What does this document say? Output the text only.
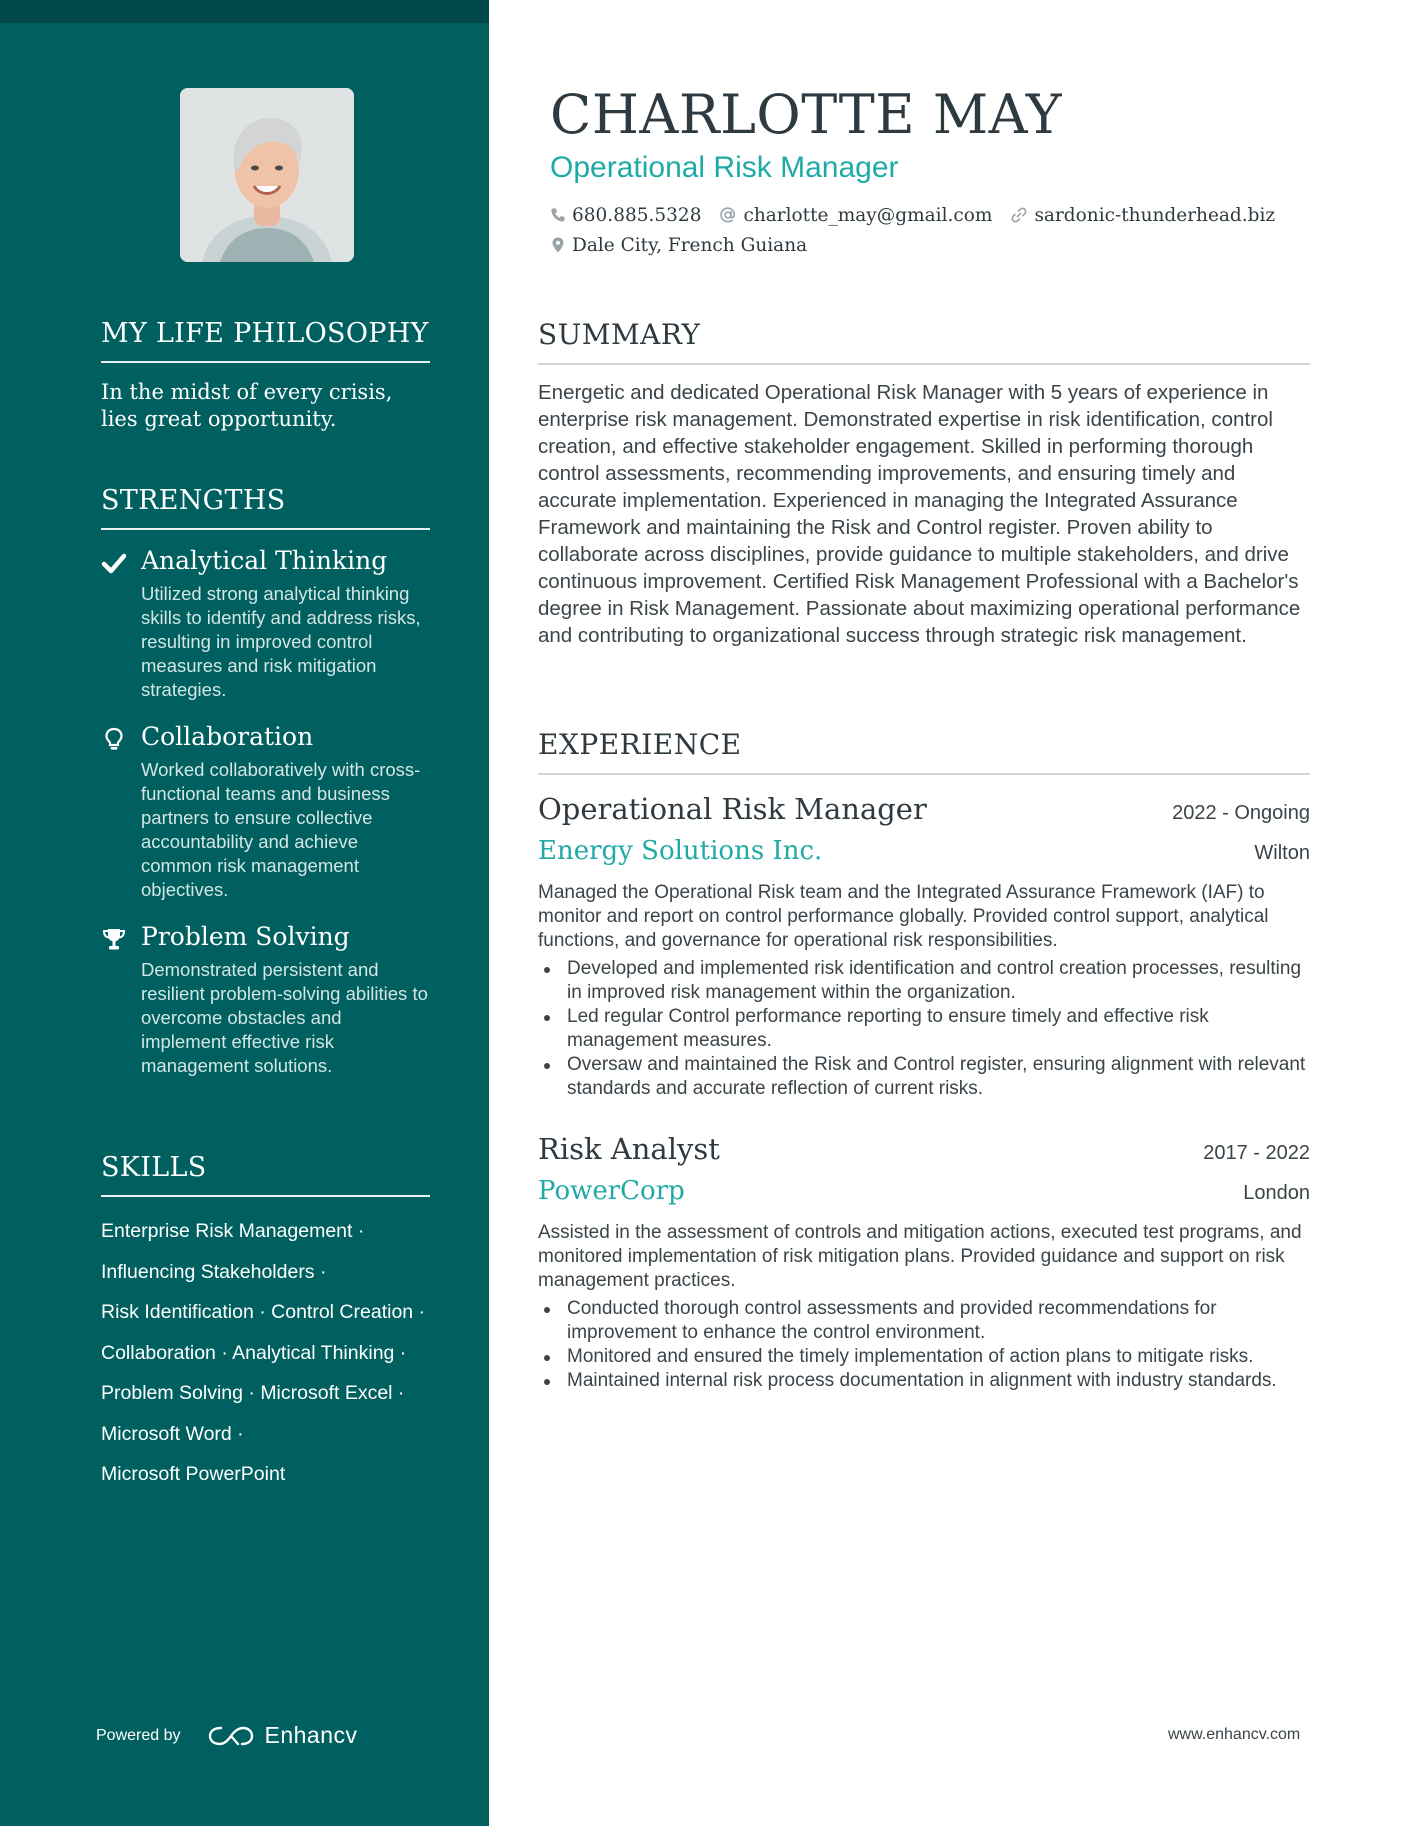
MY LIFE PHILOSOPHY
In the midst of every crisis, lies great opportunity.
STRENGTHS
Analytical Thinking
Utilized strong analytical thinking skills to identify and address risks, resulting in improved control measures and risk mitigation strategies.
Collaboration
Worked collaboratively with cross-functional teams and business partners to ensure collective accountability and achieve common risk management objectives.
Problem Solving
Demonstrated persistent and resilient problem-solving abilities to overcome obstacles and implement effective risk management solutions.
SKILLS
Enterprise Risk Management ·
Influencing Stakeholders ·
Risk Identification · Control Creation ·
Collaboration · Analytical Thinking ·
Problem Solving · Microsoft Excel ·
Microsoft Word ·
Microsoft PowerPoint
Powered by	Enhancv
CHARLOTTE MAY
Operational Risk Manager
680.885.5328 charlotte_may@gmail.com sardonic-thunderhead.biz
Dale City, French Guiana
SUMMARY
Energetic and dedicated Operational Risk Manager with 5 years of experience in enterprise risk management. Demonstrated expertise in risk identification, control creation, and effective stakeholder engagement. Skilled in performing thorough control assessments, recommending improvements, and ensuring timely and accurate implementation. Experienced in managing the Integrated Assurance Framework and maintaining the Risk and Control register. Proven ability to collaborate across disciplines, provide guidance to multiple stakeholders, and drive continuous improvement. Certified Risk Management Professional with a Bachelor's degree in Risk Management. Passionate about maximizing operational performance and contributing to organizational success through strategic risk management.
EXPERIENCE
Operational Risk Manager	2022 - Ongoing
Energy Solutions Inc.	Wilton
Managed the Operational Risk team and the Integrated Assurance Framework (IAF) to monitor and report on control performance globally. Provided control support, analytical functions, and governance for operational risk responsibilities.
Developed and implemented risk identification and control creation processes, resulting in improved risk management within the organization.
Led regular Control performance reporting to ensure timely and effective risk management measures.
Oversaw and maintained the Risk and Control register, ensuring alignment with relevant standards and accurate reflection of current risks.
Risk Analyst	2017 - 2022
PowerCorp	London
Assisted in the assessment of controls and mitigation actions, executed test programs, and monitored implementation of risk mitigation plans. Provided guidance and support on risk management practices.
Conducted thorough control assessments and provided recommendations for improvement to enhance the control environment.
Monitored and ensured the timely implementation of action plans to mitigate risks.
Maintained internal risk process documentation in alignment with industry standards.
www.enhancv.com
